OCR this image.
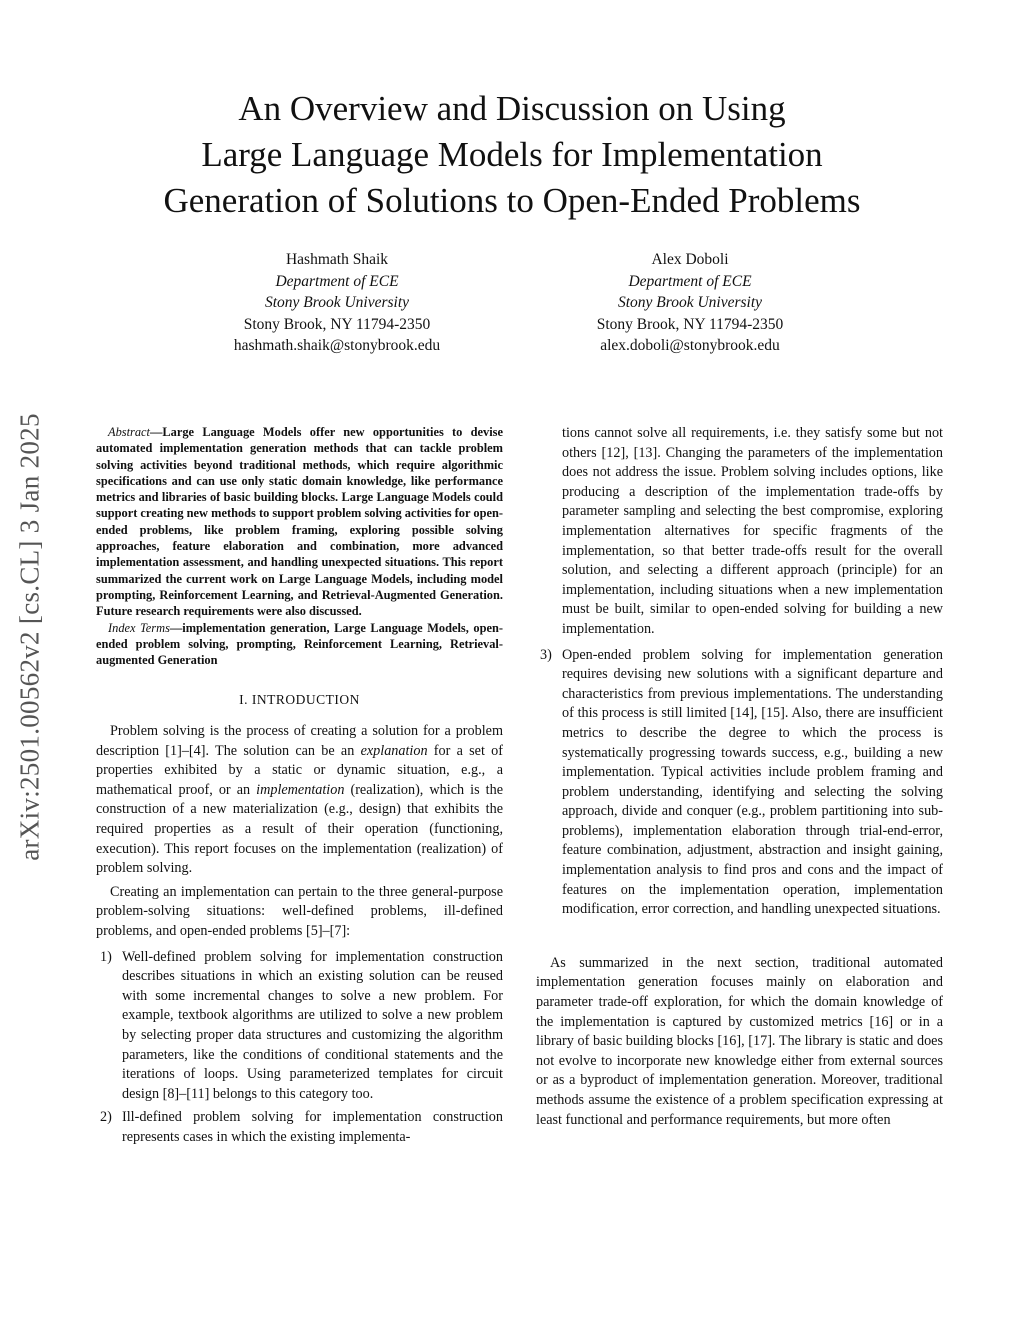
An Overview and Discussion on Using
Large Language Models for Implementation
Generation of Solutions to Open-Ended Problems
Hashmath Shaik
Department of ECE
Stony Brook University
Stony Brook, NY 11794-2350
hashmath.shaik@stonybrook.edu
Alex Doboli
Department of ECE
Stony Brook University
Stony Brook, NY 11794-2350
alex.doboli@stonybrook.edu
arXiv:2501.00562v2 [cs.CL] 3 Jan 2025	Abstract—Large Language Models offer new opportunities to devise automated implementation generation methods that can tackle problem solving activities beyond traditional methods, which require algorithmic specifications and can use only static domain knowledge, like performance metrics and libraries of basic building blocks. Large Language Models could support creating new methods to support problem solving activities for open-ended problems, like problem framing, exploring possible solving approaches, feature elaboration and combination, more advanced implementation assessment, and handling unexpected situations. This report summarized the current work on Large Language Models, including model prompting, Reinforcement Learning, and Retrieval-Augmented Generation. Future research requirements were also discussed.

Index Terms—implementation generation, Large Language Models, open-ended problem solving, prompting, Reinforcement Learning, Retrieval-augmented Generation

I. INTRODUCTION

Problem solving is the process of creating a solution for a problem description [1]–[4]. The solution can be an explanation for a set of properties exhibited by a static or dynamic situation, e.g., a mathematical proof, or an implementation (realization), which is the construction of a new materialization (e.g., design) that exhibits the required properties as a result of their operation (functioning, execution). This report focuses on the implementation (realization) of problem solving.

Creating an implementation can pertain to the three general-purpose problem-solving situations: well-defined problems, ill-defined problems, and open-ended problems [5]–[7]:

1) Well-defined problem solving for implementation construction describes situations in which an existing solution can be reused with some incremental changes to solve a new problem. For example, textbook algorithms are utilized to solve a new problem by selecting proper data structures and customizing the algorithm parameters, like the conditions of conditional statements and the iterations of loops. Using parameterized templates for circuit design [8]–[11] belongs to this category too.
2) Ill-defined problem solving for implementation construction represents cases in which the existing implementa-
tions cannot solve all requirements, i.e. they satisfy some but not others [12], [13]. Changing the parameters of the implementation does not address the issue. Problem solving includes options, like producing a description of the implementation trade-offs by parameter sampling and selecting the best compromise, exploring implementation alternatives for specific fragments of the implementation, so that better trade-offs result for the overall solution, and selecting a different approach (principle) for an implementation, including situations when a new implementation must be built, similar to open-ended solving for building a new implementation.
3) Open-ended problem solving for implementation generation requires devising new solutions with a significant departure and characteristics from previous implementations. The understanding of this process is still limited [14], [15]. Also, there are insufficient metrics to describe the degree to which the process is systematically progressing towards success, e.g., building a new implementation. Typical activities include problem framing and problem understanding, identifying and selecting the solving approach, divide and conquer (e.g., problem partitioning into sub-problems), implementation elaboration through trial-end-error, feature combination, adjustment, abstraction and insight gaining, implementation analysis to find pros and cons and the impact of features on the implementation operation, implementation modification, error correction, and handling unexpected situations.

As summarized in the next section, traditional automated implementation generation focuses mainly on elaboration and parameter trade-off exploration, for which the domain knowledge of the implementation is captured by customized metrics [16] or in a library of basic building blocks [16], [17]. The library is static and does not evolve to incorporate new knowledge either from external sources or as a byproduct of implementation generation. Moreover, traditional methods assume the existence of a problem specification expressing at least functional and performance requirements, but more often
